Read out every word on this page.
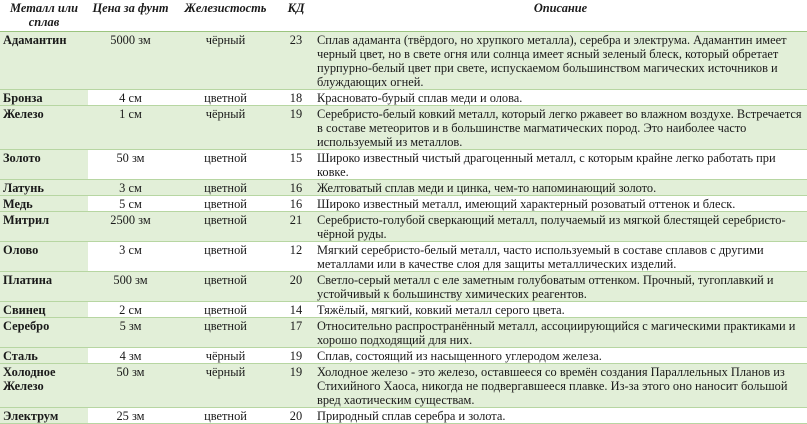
Металл или сплав	Цена за фунт	Железистость	КД	Описание
Адамантин	5000 зм	чёрный	23	Сплав адаманта (твёрдого, но хрупкого металла), серебра и электрума. Адамантин имеет черный цвет, но в свете огня или солнца имеет ясный зеленый блеск, который обретает пурпурно-белый цвет при свете, испускаемом большинством магических источников и блуждающих огней.
Бронза	4 см	цветной	18	Красновато-бурый сплав меди и олова.
Железо	1 см	чёрный	19	Серебристо-белый ковкий металл, который легко ржавеет во влажном воздухе. Встречается в составе метеоритов и в большинстве магматических пород. Это наиболее часто используемый из металлов.
Золото	50 зм	цветной	15	Широко известный чистый драгоценный металл, с которым крайне легко работать при ковке.
Латунь	3 см	цветной	16	Желтоватый сплав меди и цинка, чем-то напоминающий золото.
Медь	5 см	цветной	16	Широко известный металл, имеющий характерный розоватый оттенок и блеск.
Митрил	2500 зм	цветной	21	Серебристо-голубой сверкающий металл, получаемый из мягкой блестящей серебристо-чёрной руды.
Олово	3 см	цветной	12	Мягкий серебристо-белый металл, часто используемый в составе сплавов с другими металлами или в качестве слоя для защиты металлических изделий.
Платина	500 зм	цветной	20	Светло-серый металл с еле заметным голубоватым оттенком. Прочный, тугоплавкий и устойчивый к большинству химических реагентов.
Свинец	2 см	цветной	14	Тяжёлый, мягкий, ковкий металл серого цвета.
Серебро	5 зм	цветной	17	Относительно распространённый металл, ассоциирующийся с магическими практиками и хорошо подходящий для них.
Сталь	4 зм	чёрный	19	Сплав, состоящий из насыщенного углеродом железа.
Холодное Железо	50 зм	чёрный	19	Холодное железо - это железо, оставшееся со времён создания Параллельных Планов из Стихийного Хаоса, никогда не подвергавшееся плавке. Из-за этого оно наносит большой вред хаотическим существам.
Электрум	25 зм	цветной	20	Природный сплав серебра и золота.
